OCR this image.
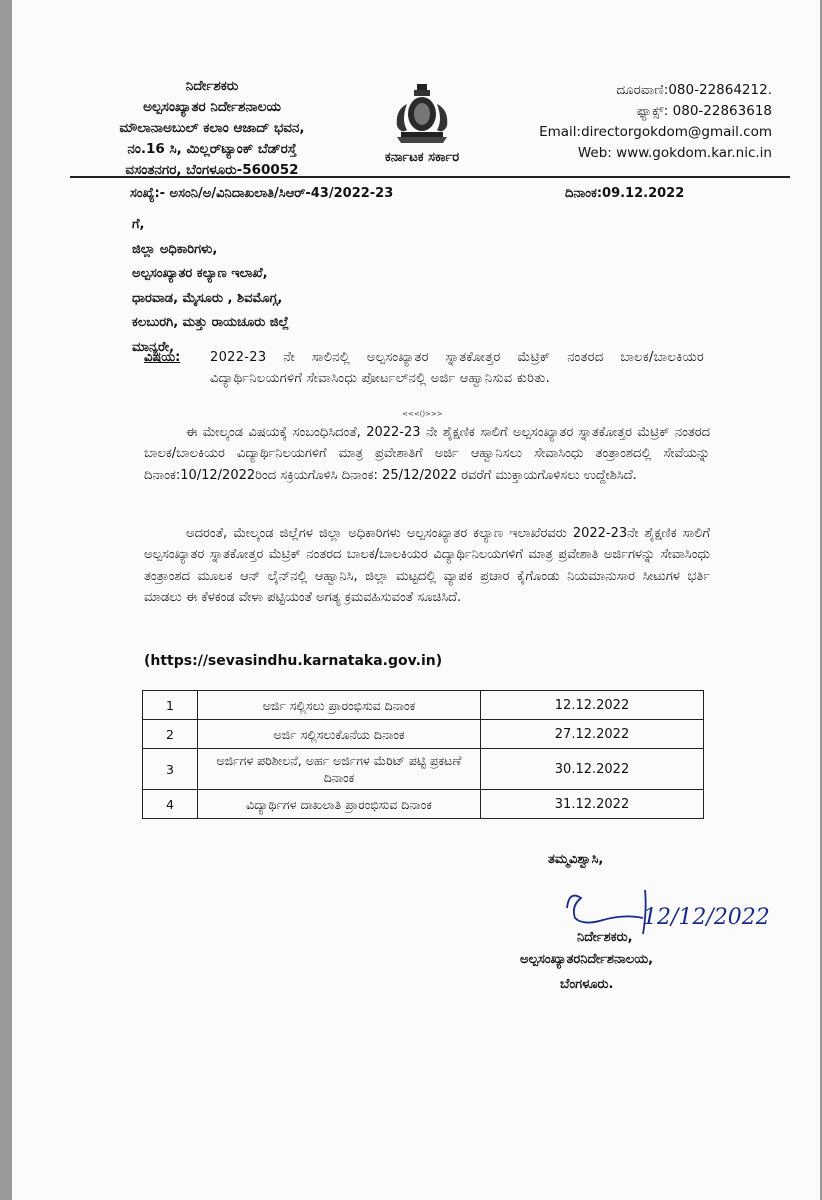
ನಿರ್ದೇಶಕರು
ಅಲ್ಪಸಂಖ್ಯಾತರ ನಿರ್ದೇಶನಾಲಯ
ಮೌಲಾನಾಅಬುಲ್ ಕಲಾಂ ಆಜಾದ್ ಭವನ,
ನಂ.16 ಸಿ, ಮಿಲ್ಲರ್‌ಟ್ಯಾಂಕ್ ಬೆಡ್‌ರಸ್ತೆ
ವಸಂತನಗರ, ಬೆಂಗಳೂರು-560052
ಕರ್ನಾಟಕ ಸರ್ಕಾರ
ದೂರವಾಣಿ:080-22864212.
ಫ್ಯಾಕ್ಸ್: 080-22863618
Email:directorgokdom@gmail.com
Web: www.gokdom.kar.nic.in
ಸಂಖ್ಯೆ:- ಅಸಂನಿ/ಅ/ವಿನಿದಾಖಲಾತಿ/ಸಿಆರ್-43/2022-23	ದಿನಾಂಕ:09.12.2022
ಗೆ,
ಜಿಲ್ಲಾ ಅಧಿಕಾರಿಗಳು,
ಅಲ್ಪಸಂಖ್ಯಾತರ ಕಲ್ಯಾಣ ಇಲಾಖೆ,
ಧಾರವಾಡ, ಮೈಸೂರು , ಶಿವಮೊಗ್ಗ,
ಕಲಬುರಗಿ, ಮತ್ತು ರಾಯಚೂರು ಜಿಲ್ಲೆ
ಮಾನ್ಯರೇ,
ವಿಷಯ: 2022-23 ನೇ ಸಾಲಿನಲ್ಲಿ ಅಲ್ಪಸಂಖ್ಯಾತರ ಸ್ನಾತಕೋತ್ತರ ಮೆಟ್ರಿಕ್ ನಂತರದ ಬಾಲಕ/ಬಾಲಕಿಯರ ವಿದ್ಯಾರ್ಥಿನಿಲಯಗಳಿಗೆ ಸೇವಾಸಿಂಧು ಪೋರ್ಟಲ್‌ನಲ್ಲಿ ಅರ್ಜಿ ಆಹ್ವಾನಿಸುವ ಕುರಿತು.
<<<()>>>
ಈ ಮೇಲ್ಕಂಡ ವಿಷಯಕ್ಕೆ ಸಂಬಂಧಿಸಿದಂತೆ, 2022-23 ನೇ ಶೈಕ್ಷಣಿಕ ಸಾಲಿಗೆ ಅಲ್ಪಸಂಖ್ಯಾತರ ಸ್ನಾತಕೋತ್ತರ ಮೆಟ್ರಿಕ್ ನಂತರದ ಬಾಲಕ/ಬಾಲಕಿಯರ ವಿದ್ಯಾರ್ಥಿನಿಲಯಗಳಿಗೆ ಮಾತ್ರ ಪ್ರವೇಶಾತಿಗೆ ಅರ್ಜಿ ಆಹ್ವಾನಿಸಲು ಸೇವಾಸಿಂಧು ತಂತ್ರಾಂಶದಲ್ಲಿ ಸೇವೆಯನ್ನು ದಿನಾಂಕ:10/12/2022ರಿಂದ ಸಕ್ರಿಯಗೊಳಿಸಿ ದಿನಾಂಕ: 25/12/2022 ರವರೆಗೆ ಮುಕ್ತಾಯಗೊಳಿಸಲು ಉದ್ದೇಶಿಸಿದೆ.
ಅದರಂತೆ, ಮೇಲ್ಕಂಡ ಜಿಲ್ಲೆಗಳ ಜಿಲ್ಲಾ ಅಧಿಕಾರಿಗಳು ಅಲ್ಪಸಂಖ್ಯಾತರ ಕಲ್ಯಾಣ ಇಲಾಖೆರವರು 2022-23ನೇ ಶೈಕ್ಷಣಿಕ ಸಾಲಿಗೆ ಅಲ್ಪಸಂಖ್ಯಾತರ ಸ್ನಾತಕೋತ್ತರ ಮೆಟ್ರಿಕ್ ನಂತರದ ಬಾಲಕ/ಬಾಲಕಿಯರ ವಿದ್ಯಾರ್ಥಿನಿಲಯಗಳಿಗೆ ಮಾತ್ರ ಪ್ರವೇಶಾತಿ ಅರ್ಜಿಗಳನ್ನು ಸೇವಾಸಿಂಧು ತಂತ್ರಾಂಶದ ಮೂಲಕ ಆನ್ ಲೈನ್‌ನಲ್ಲಿ ಆಹ್ವಾನಿಸಿ, ಜಿಲ್ಲಾ ಮಟ್ಟದಲ್ಲಿ ವ್ಯಾಪಕ ಪ್ರಚಾರ ಕೈಗೊಂಡು ನಿಯಮಾನುಸಾರ ಸೀಟುಗಳ ಭರ್ತಿ ಮಾಡಲು ಈ ಕೆಳಕಂಡ ವೇಳಾ ಪಟ್ಟಿಯಂತೆ ಅಗತ್ಯ ಕ್ರಮವಹಿಸುವಂತೆ ಸೂಚಿಸಿದೆ.
(https://sevasindhu.karnataka.gov.in)
1	ಅರ್ಜಿ ಸಲ್ಲಿಸಲು ಪ್ರಾರಂಭಿಸುವ ದಿನಾಂಕ	12.12.2022
2	ಅರ್ಜಿ ಸಲ್ಲಿಸಲುಕೊನೆಯ ದಿನಾಂಕ	27.12.2022
3	ಅರ್ಜಿಗಳ ಪರಿಶೀಲನೆ, ಅರ್ಹ ಅರ್ಜಿಗಳ ಮೆರಿಟ್ ಪಟ್ಟಿ ಪ್ರಕಟಣೆ ದಿನಾಂಕ	30.12.2022
4	ವಿದ್ಯಾರ್ಥಿಗಳ ದಾಖಲಾತಿ ಪ್ರಾರಂಭಿಸುವ ದಿನಾಂಕ	31.12.2022
ತಮ್ಮವಿಶ್ವಾಸಿ,
12/12/2022
ನಿರ್ದೇಶಕರು,
ಅಲ್ಪಸಂಖ್ಯಾತರನಿರ್ದೇಶನಾಲಯ,
ಬೆಂಗಳೂರು.
